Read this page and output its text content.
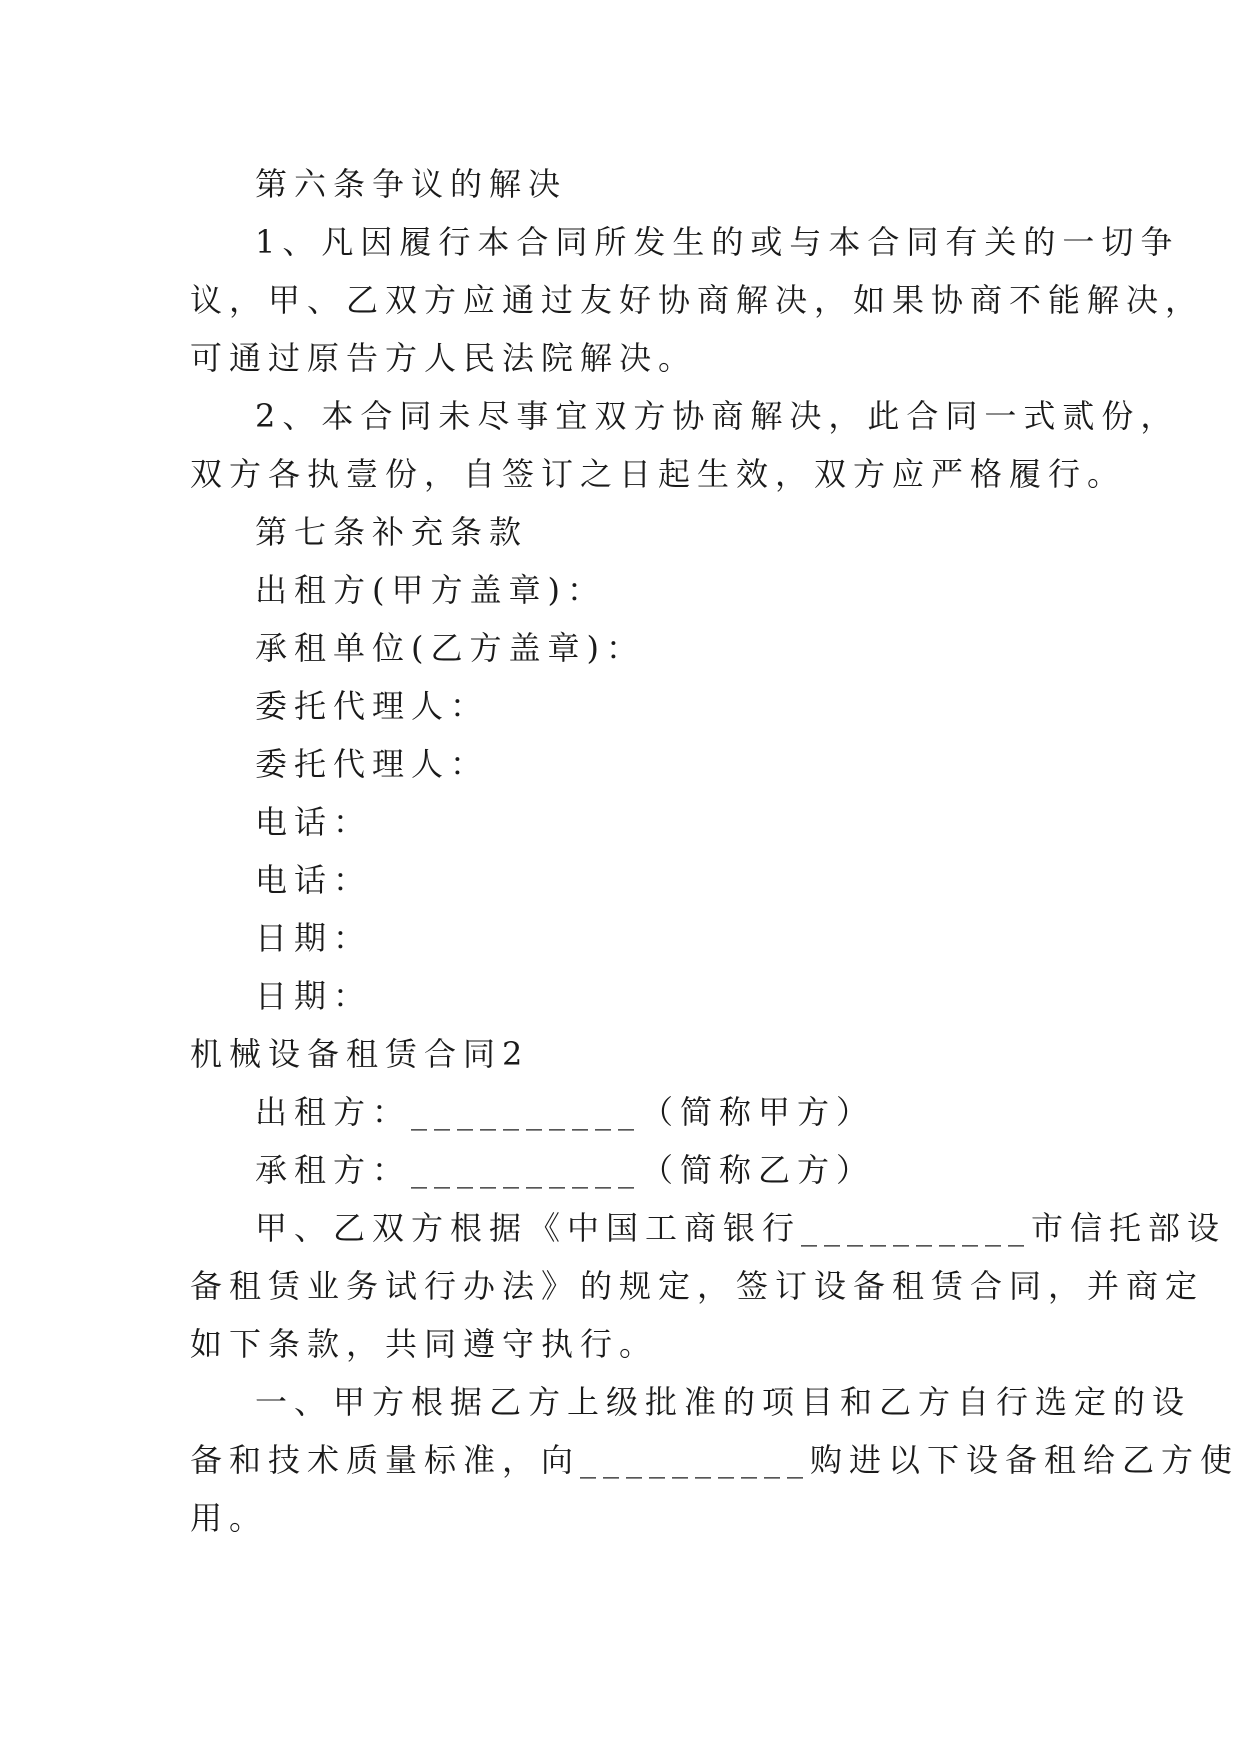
第六条争议的解决
1、凡因履行本合同所发生的或与本合同有关的一切争
议，甲、乙双方应通过友好协商解决，如果协商不能解决，
可通过原告方人民法院解决。
2、本合同未尽事宜双方协商解决，此合同一式贰份，
双方各执壹份，自签订之日起生效，双方应严格履行。
第七条补充条款
出租方(甲方盖章)：
承租单位(乙方盖章)：
委托代理人：
委托代理人：
电话：
电话：
日期：
日期：
机械设备租赁合同2
出租方：__________（简称甲方）
承租方：__________（简称乙方）
甲、乙双方根据《中国工商银行__________市信托部设
备租赁业务试行办法》的规定，签订设备租赁合同，并商定
如下条款，共同遵守执行。
一、甲方根据乙方上级批准的项目和乙方自行选定的设
备和技术质量标准，向__________购进以下设备租给乙方使
用。
